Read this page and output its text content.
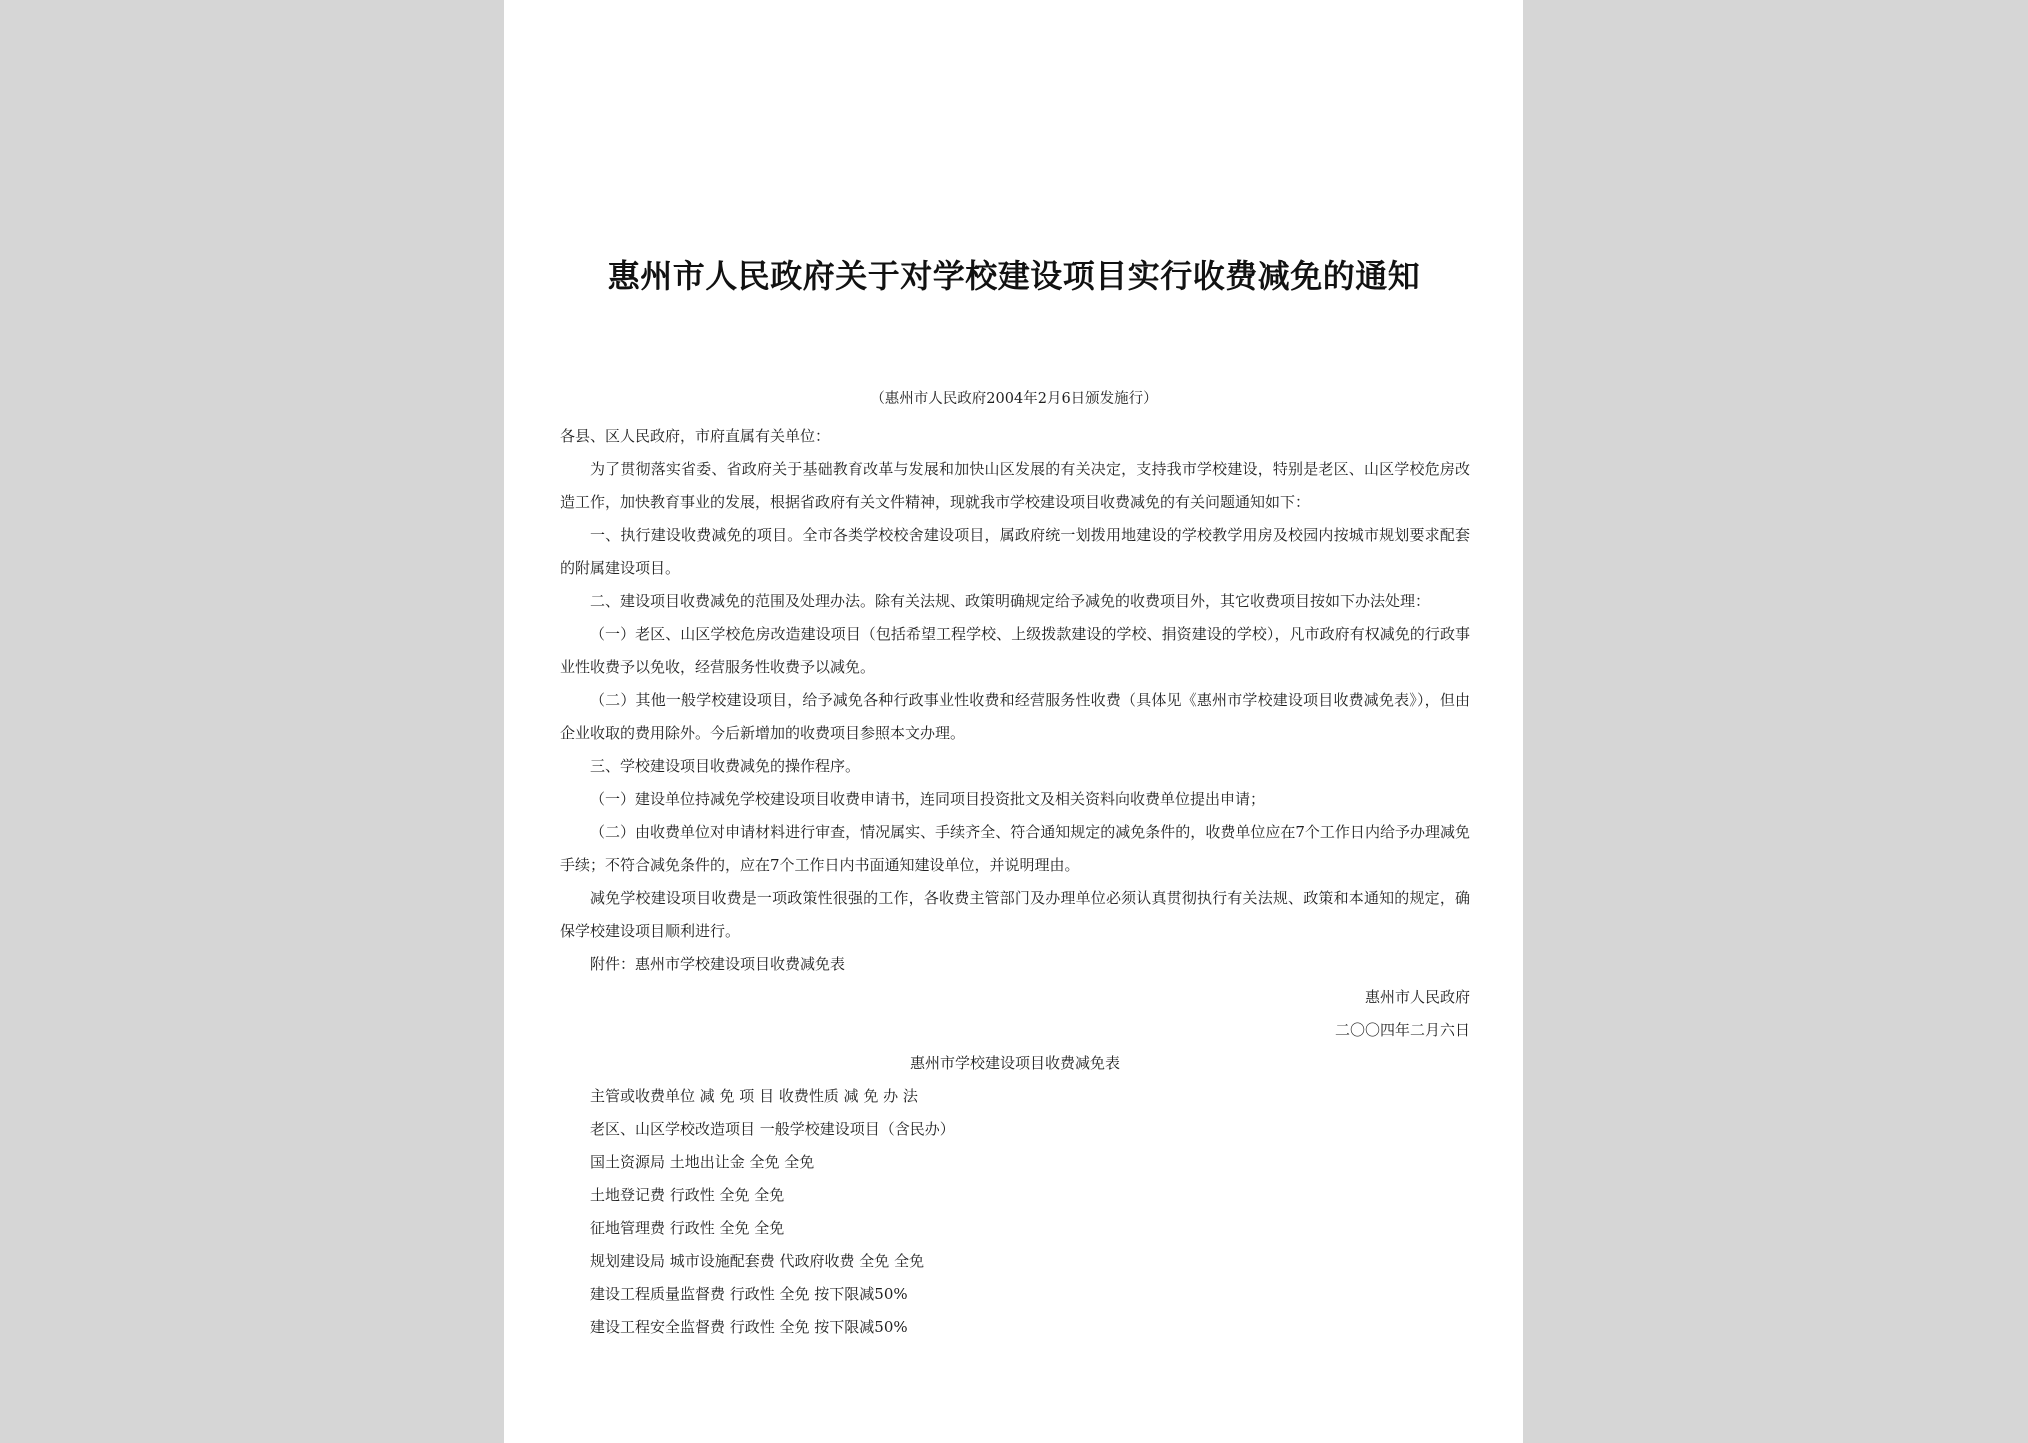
惠州市人民政府关于对学校建设项目实行收费减免的通知
（惠州市人民政府2004年2月6日颁发施行）

各县、区人民政府，市府直属有关单位：

为了贯彻落实省委、省政府关于基础教育改革与发展和加快山区发展的有关决定，支持我市学校建设，特别是老区、山区学校危房改造工作，加快教育事业的发展，根据省政府有关文件精神，现就我市学校建设项目收费减免的有关问题通知如下：

一、执行建设收费减免的项目。全市各类学校校舍建设项目，属政府统一划拨用地建设的学校教学用房及校园内按城市规划要求配套的附属建设项目。

二、建设项目收费减免的范围及处理办法。除有关法规、政策明确规定给予减免的收费项目外，其它收费项目按如下办法处理：

（一）老区、山区学校危房改造建设项目（包括希望工程学校、上级拨款建设的学校、捐资建设的学校），凡市政府有权减免的行政事业性收费予以免收，经营服务性收费予以减免。

（二）其他一般学校建设项目，给予减免各种行政事业性收费和经营服务性收费（具体见《惠州市学校建设项目收费减免表》），但由企业收取的费用除外。今后新增加的收费项目参照本文办理。

三、学校建设项目收费减免的操作程序。

（一）建设单位持减免学校建设项目收费申请书，连同项目投资批文及相关资料向收费单位提出申请；

（二）由收费单位对申请材料进行审查，情况属实、手续齐全、符合通知规定的减免条件的，收费单位应在7个工作日内给予办理减免手续；不符合减免条件的，应在7个工作日内书面通知建设单位，并说明理由。

减免学校建设项目收费是一项政策性很强的工作，各收费主管部门及办理单位必须认真贯彻执行有关法规、政策和本通知的规定，确保学校建设项目顺利进行。

附件：惠州市学校建设项目收费减免表

惠州市人民政府

二〇〇四年二月六日

惠州市学校建设项目收费减免表

主管或收费单位 减 免 项 目 收费性质 减 免 办 法

老区、山区学校改造项目 一般学校建设项目（含民办）

国土资源局 土地出让金 全免 全免

土地登记费 行政性 全免 全免

征地管理费 行政性 全免 全免

规划建设局 城市设施配套费 代政府收费 全免 全免

建设工程质量监督费 行政性 全免 按下限减50%

建设工程安全监督费 行政性 全免 按下限减50%
